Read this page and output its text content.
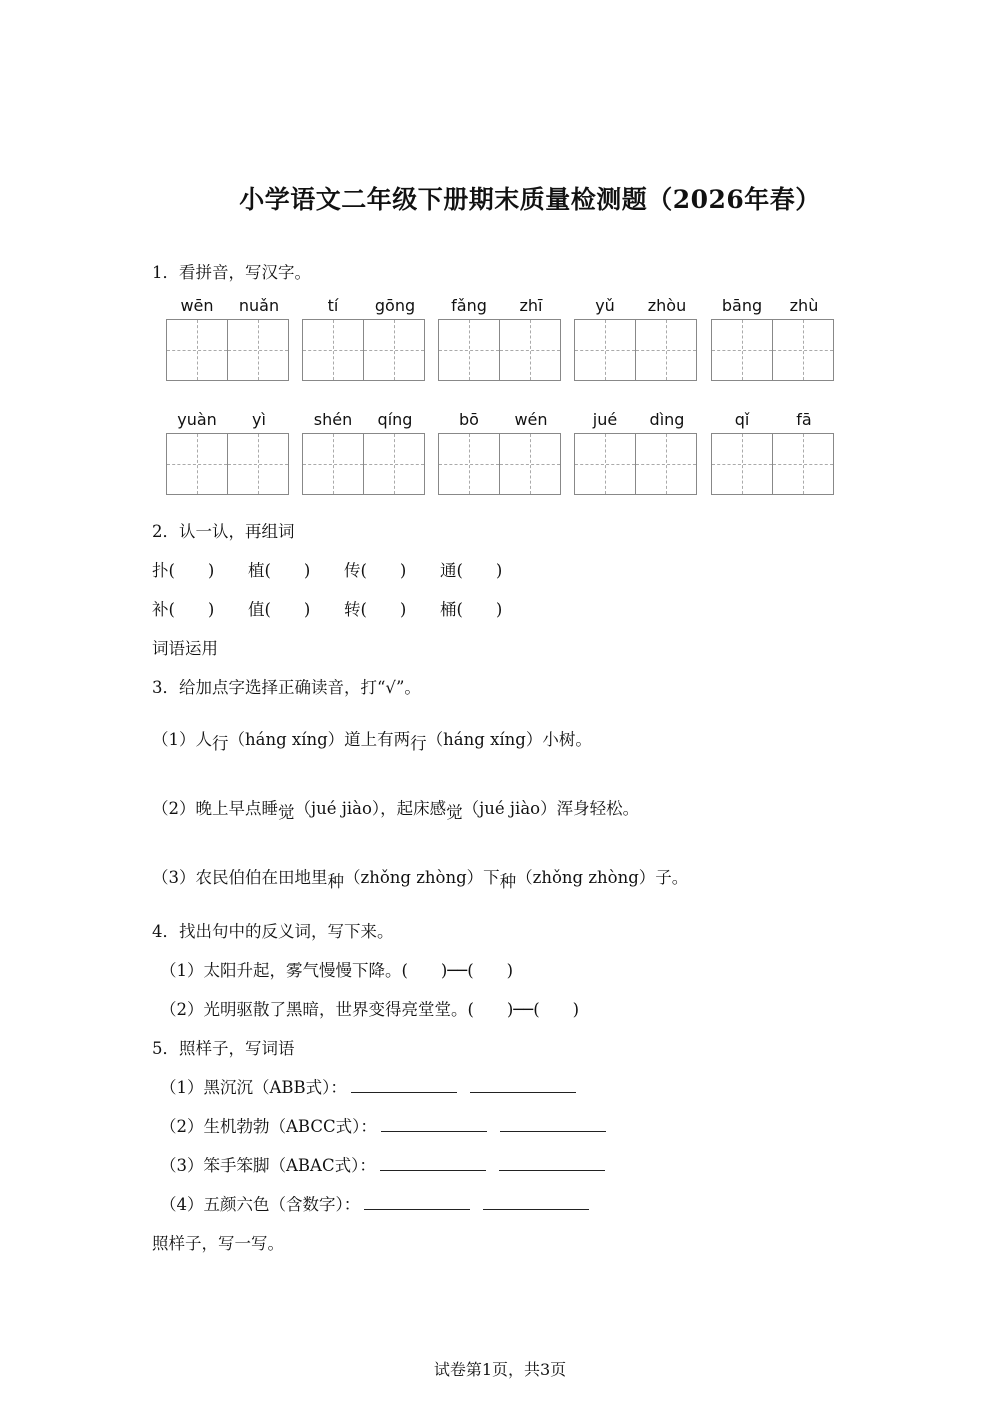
小学语文二年级下册期末质量检测题（2026年春）
1．看拼音，写汉字。
wēn	nuǎn	tí	gōng	fǎng	zhī	yǔ	zhòu	bāng	zhù
yuàn	yì	shén	qíng	bō	wén	jué	dìng	qǐ	fā
2．认一认，再组词
扑(　　) 植(　　) 传(　　) 通(　　)
补(　　) 值(　　) 转(　　) 桶(　　)
词语运用
3．给加点字选择正确读音，打“√”。
（1）人行（háng xíng）道上有两行（háng xíng）小树。
（2）晚上早点睡觉（jué jiào），起床感觉（jué jiào）浑身轻松。
（3）农民伯伯在田地里种（zhǒng zhòng）下种（zhǒng zhòng）子。
4．找出句中的反义词，写下来。
（1）太阳升起，雾气慢慢下降。(　　)──(　　)
（2）光明驱散了黑暗，世界变得亮堂堂。(　　)──(　　)
5．照样子，写词语
（1）黑沉沉（ABB式）：
（2）生机勃勃（ABCC式）：
（3）笨手笨脚（ABAC式）：
（4）五颜六色（含数字）：
照样子，写一写。
试卷第1页，共3页
